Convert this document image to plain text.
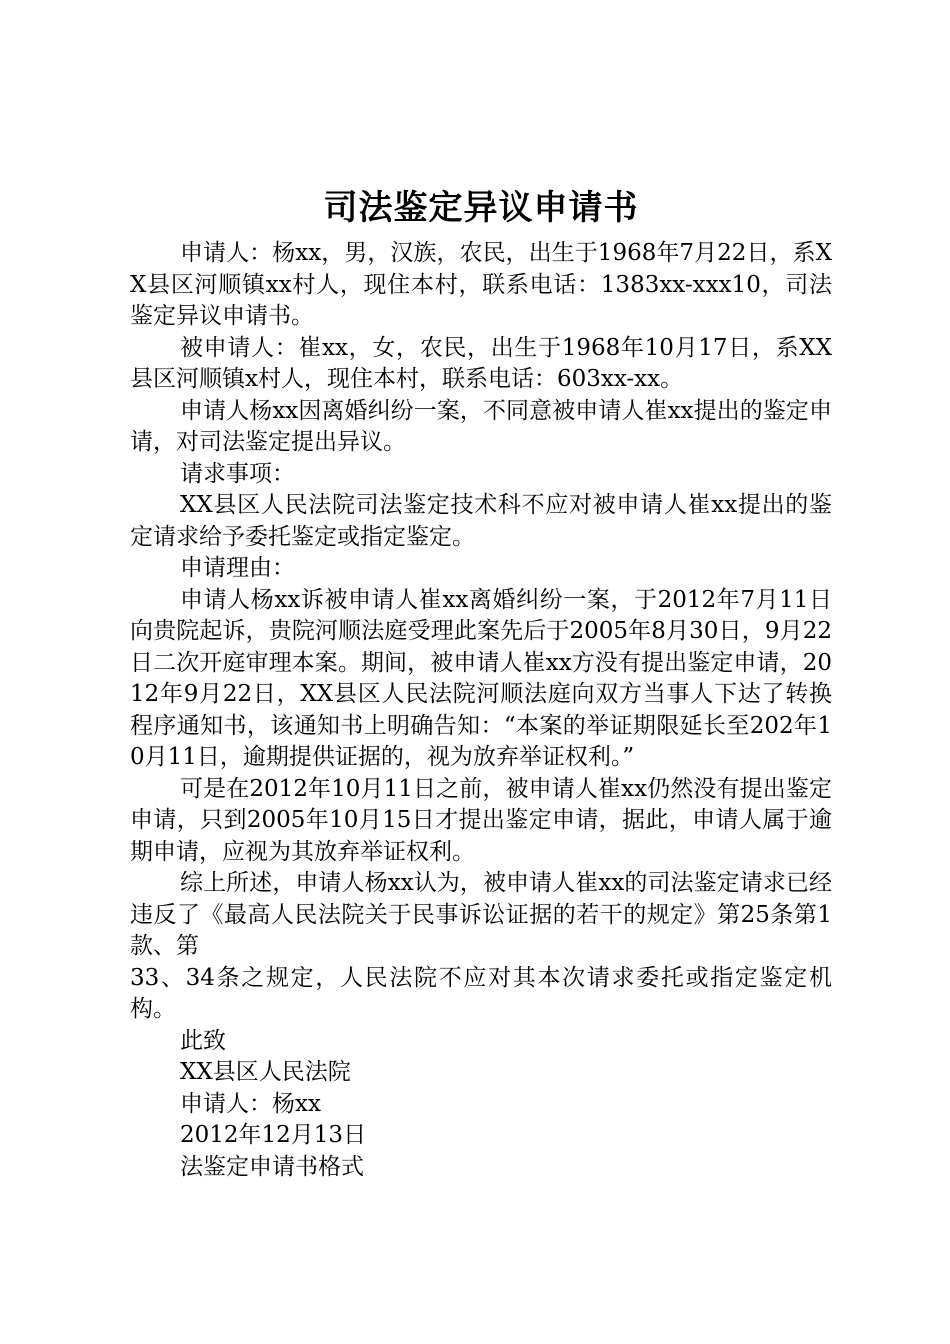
司法鉴定异议申请书

申请人：杨xx，男，汉族，农民，出生于1968年7月22日，系XX县区河顺镇xx村人，现住本村，联系电话：1383xx-xxx10，司法鉴定异议申请书。

被申请人：崔xx，女，农民，出生于1968年10月17日，系XX县区河顺镇x村人，现住本村，联系电话：603xx-xx。

申请人杨xx因离婚纠纷一案，不同意被申请人崔xx提出的鉴定申请，对司法鉴定提出异议。

请求事项：

XX县区人民法院司法鉴定技术科不应对被申请人崔xx提出的鉴定请求给予委托鉴定或指定鉴定。

申请理由：

申请人杨xx诉被申请人崔xx离婚纠纷一案，于2012年7月11日向贵院起诉，贵院河顺法庭受理此案先后于2005年8月30日，9月22日二次开庭审理本案。期间，被申请人崔xx方没有提出鉴定申请，2012年9月22日，XX县区人民法院河顺法庭向双方当事人下达了转换程序通知书，该通知书上明确告知：“本案的举证期限延长至202年10月11日，逾期提供证据的，视为放弃举证权利。”

可是在2012年10月11日之前，被申请人崔xx仍然没有提出鉴定申请，只到2005年10月15日才提出鉴定申请，据此，申请人属于逾期申请，应视为其放弃举证权利。

综上所述，申请人杨xx认为，被申请人崔xx的司法鉴定请求已经违反了《最高人民法院关于民事诉讼证据的若干的规定》第25条第1款、第

33、34条之规定，人民法院不应对其本次请求委托或指定鉴定机构。

此致

XX县区人民法院

申请人：杨xx

2012年12月13日

法鉴定申请书格式
